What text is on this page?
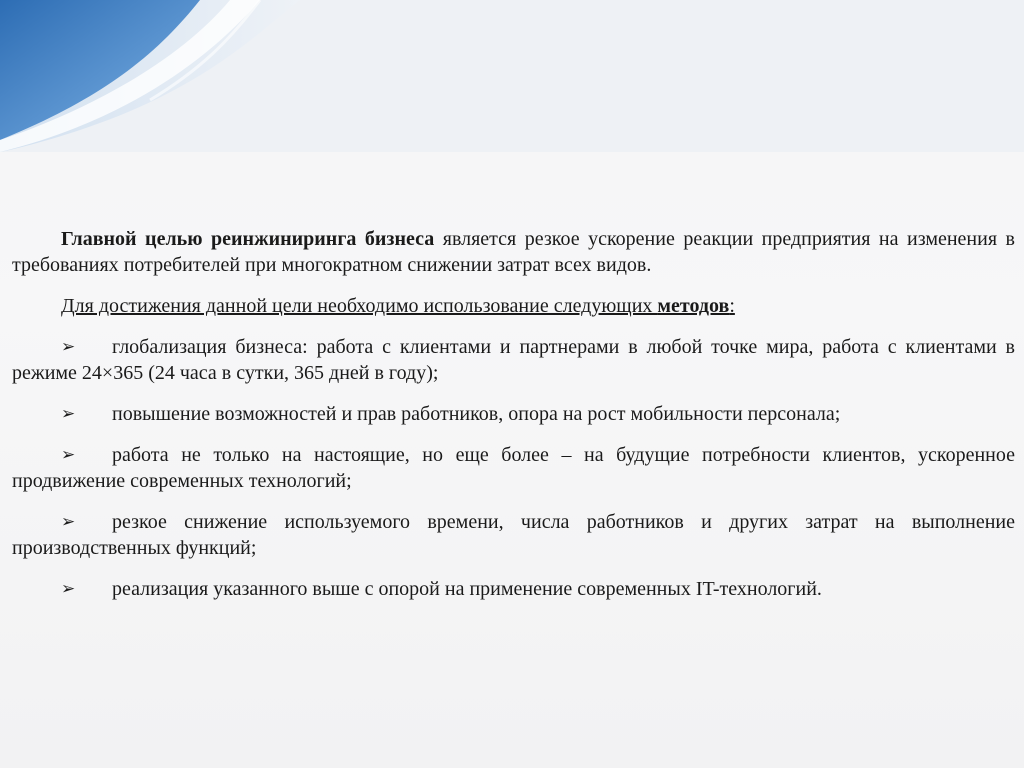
Главной целью реинжиниринга бизнеса является резкое ускорение реакции предприятия на изменения в требованиях потребителей при многократном снижении затрат всех видов.

Для достижения данной цели необходимо использование следующих методов:

➢ глобализация бизнеса: работа с клиентами и партнерами в любой точке мира, работа с клиентами в режиме 24×365 (24 часа в сутки, 365 дней в году);

➢ повышение возможностей и прав работников, опора на рост мобильности персонала;

➢ работа не только на настоящие, но еще более – на будущие потребности клиентов, ускоренное продвижение современных технологий;

➢ резкое снижение используемого времени, числа работников и других затрат на выполнение производственных функций;

➢ реализация указанного выше с опорой на применение современных IT-технологий.
